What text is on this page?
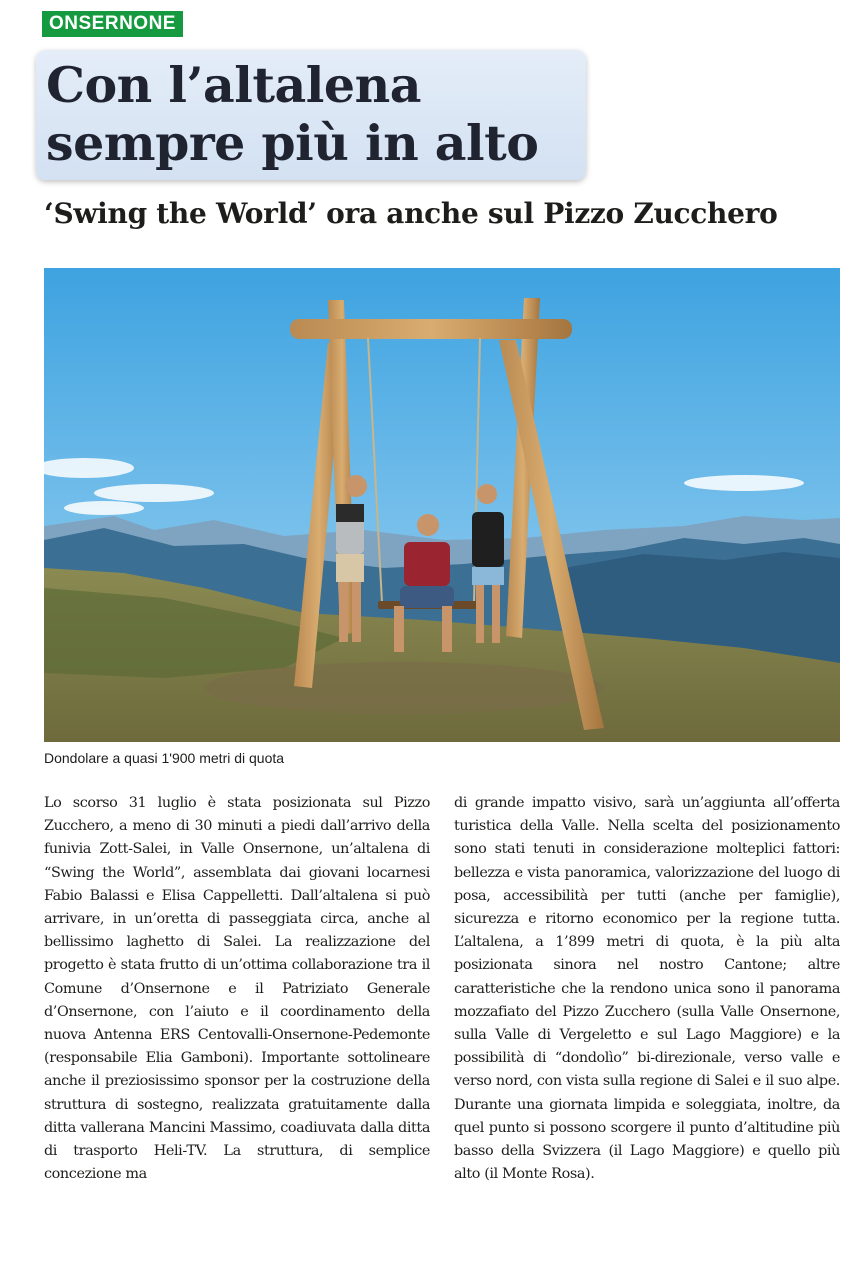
ONSERNONE
Con l’altalena
sempre più in alto
‘Swing the World’ ora anche sul Pizzo Zucchero
Dondolare a quasi 1'900 metri di quota
Lo scorso 31 luglio è stata posizionata sul Pizzo Zucchero, a meno di 30 minuti a piedi dall’arrivo della funivia Zott-Salei, in Valle Onsernone, un’altalena di “Swing the World”, assemblata dai giovani locarnesi Fabio Balassi e Elisa Cappelletti. Dall’altalena si può arrivare, in un’oretta di passeggiata circa, anche al bellissimo laghetto di Salei. La realizzazione del progetto è stata frutto di un’ottima collaborazione tra il Comune d’Onsernone e il Patriziato Generale d’Onsernone, con l’aiuto e il coordinamento della nuova Antenna ERS Centovalli-Onsernone-Pedemonte (responsabile Elia Gamboni). Importante sottolineare anche il preziosissimo sponsor per la costruzione della struttura di sostegno, realizzata gratuitamente dalla ditta vallerana Mancini Massimo, coadiuvata dalla ditta di trasporto Heli-TV. La struttura, di semplice concezione ma
di grande impatto visivo, sarà un’aggiunta all’offerta turistica della Valle. Nella scelta del posizionamento sono stati tenuti in considerazione molteplici fattori: bellezza e vista panoramica, valorizzazione del luogo di posa, accessibilità per tutti (anche per famiglie), sicurezza e ritorno economico per la regione tutta. L’altalena, a 1’899 metri di quota, è la più alta posizionata sinora nel nostro Cantone; altre caratteristiche che la rendono unica sono il panorama mozzafiato del Pizzo Zucchero (sulla Valle Onsernone, sulla Valle di Vergeletto e sul Lago Maggiore) e la possibilità di “dondolìo” bi-direzionale, verso valle e verso nord, con vista sulla regione di Salei e il suo alpe. Durante una giornata limpida e soleggiata, inoltre, da quel punto si possono scorgere il punto d’altitudine più basso della Svizzera (il Lago Maggiore) e quello più alto (il Monte Rosa).
